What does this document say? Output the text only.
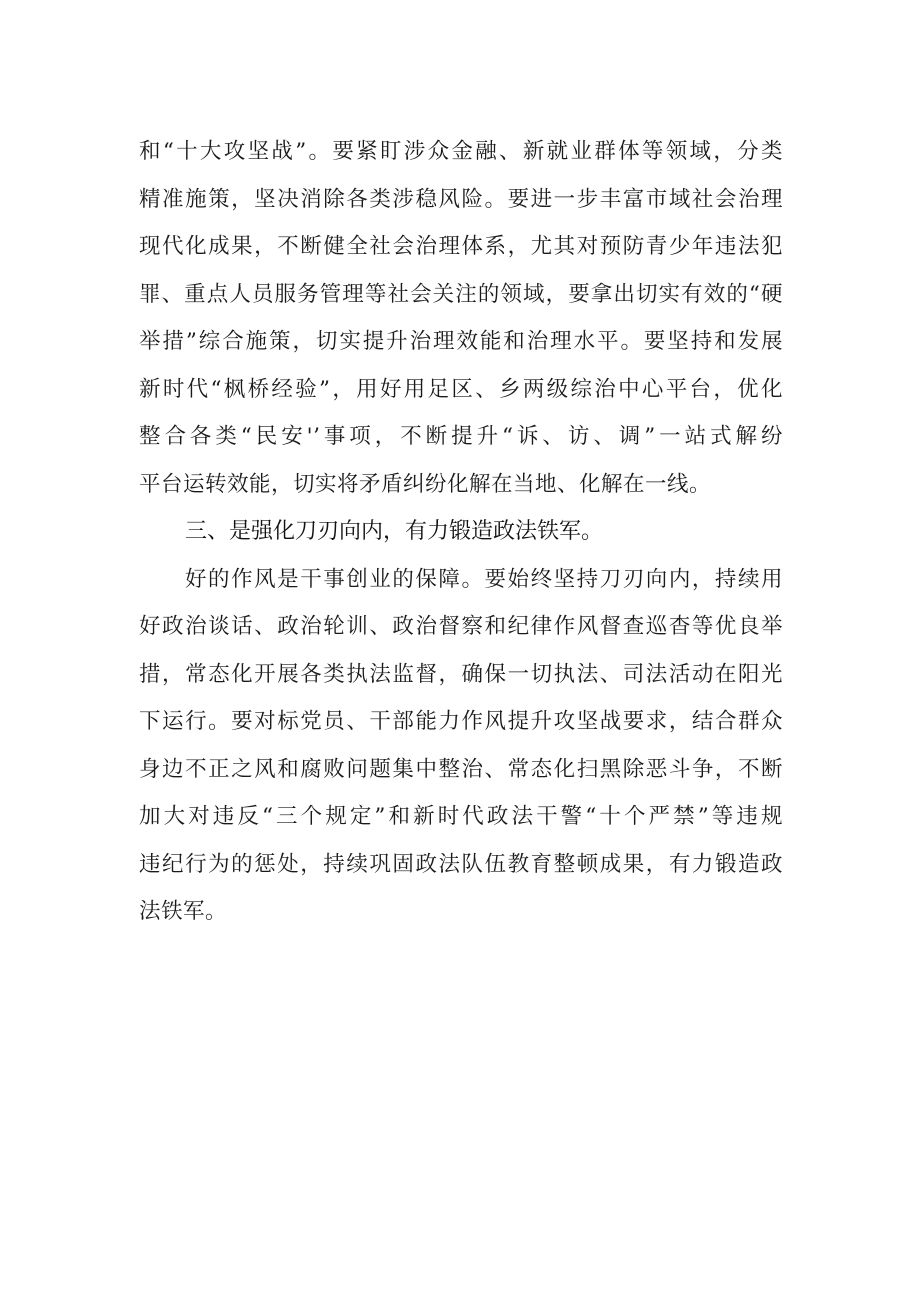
和“十大攻坚战”。要紧盯涉众金融、新就业群体等领域，分类
精准施策，坚决消除各类涉稳风险。要进一步丰富市域社会治理
现代化成果，不断健全社会治理体系，尤其对预防青少年违法犯
罪、重点人员服务管理等社会关注的领域，要拿出切实有效的“硬
举措”综合施策，切实提升治理效能和治理水平。要坚持和发展
新时代“枫桥经验”，用好用足区、乡两级综治中心平台，优化
整合各类“民安'’事项，不断提升“诉、访、调”一站式解纷
平台运转效能，切实将矛盾纠纷化解在当地、化解在一线。
三、是强化刀刃向内，有力锻造政法铁军。
好的作风是干事创业的保障。要始终坚持刀刃向内，持续用
好政治谈话、政治轮训、政治督察和纪律作风督查巡杳等优良举
措，常态化开展各类执法监督，确保一切执法、司法活动在阳光
下运行。要对标党员、干部能力作风提升攻坚战要求，结合群众
身边不正之风和腐败问题集中整治、常态化扫黑除恶斗争，不断
加大对违反“三个规定”和新时代政法干警“十个严禁”等违规
违纪行为的惩处，持续巩固政法队伍教育整顿成果，有力锻造政
法铁军。
